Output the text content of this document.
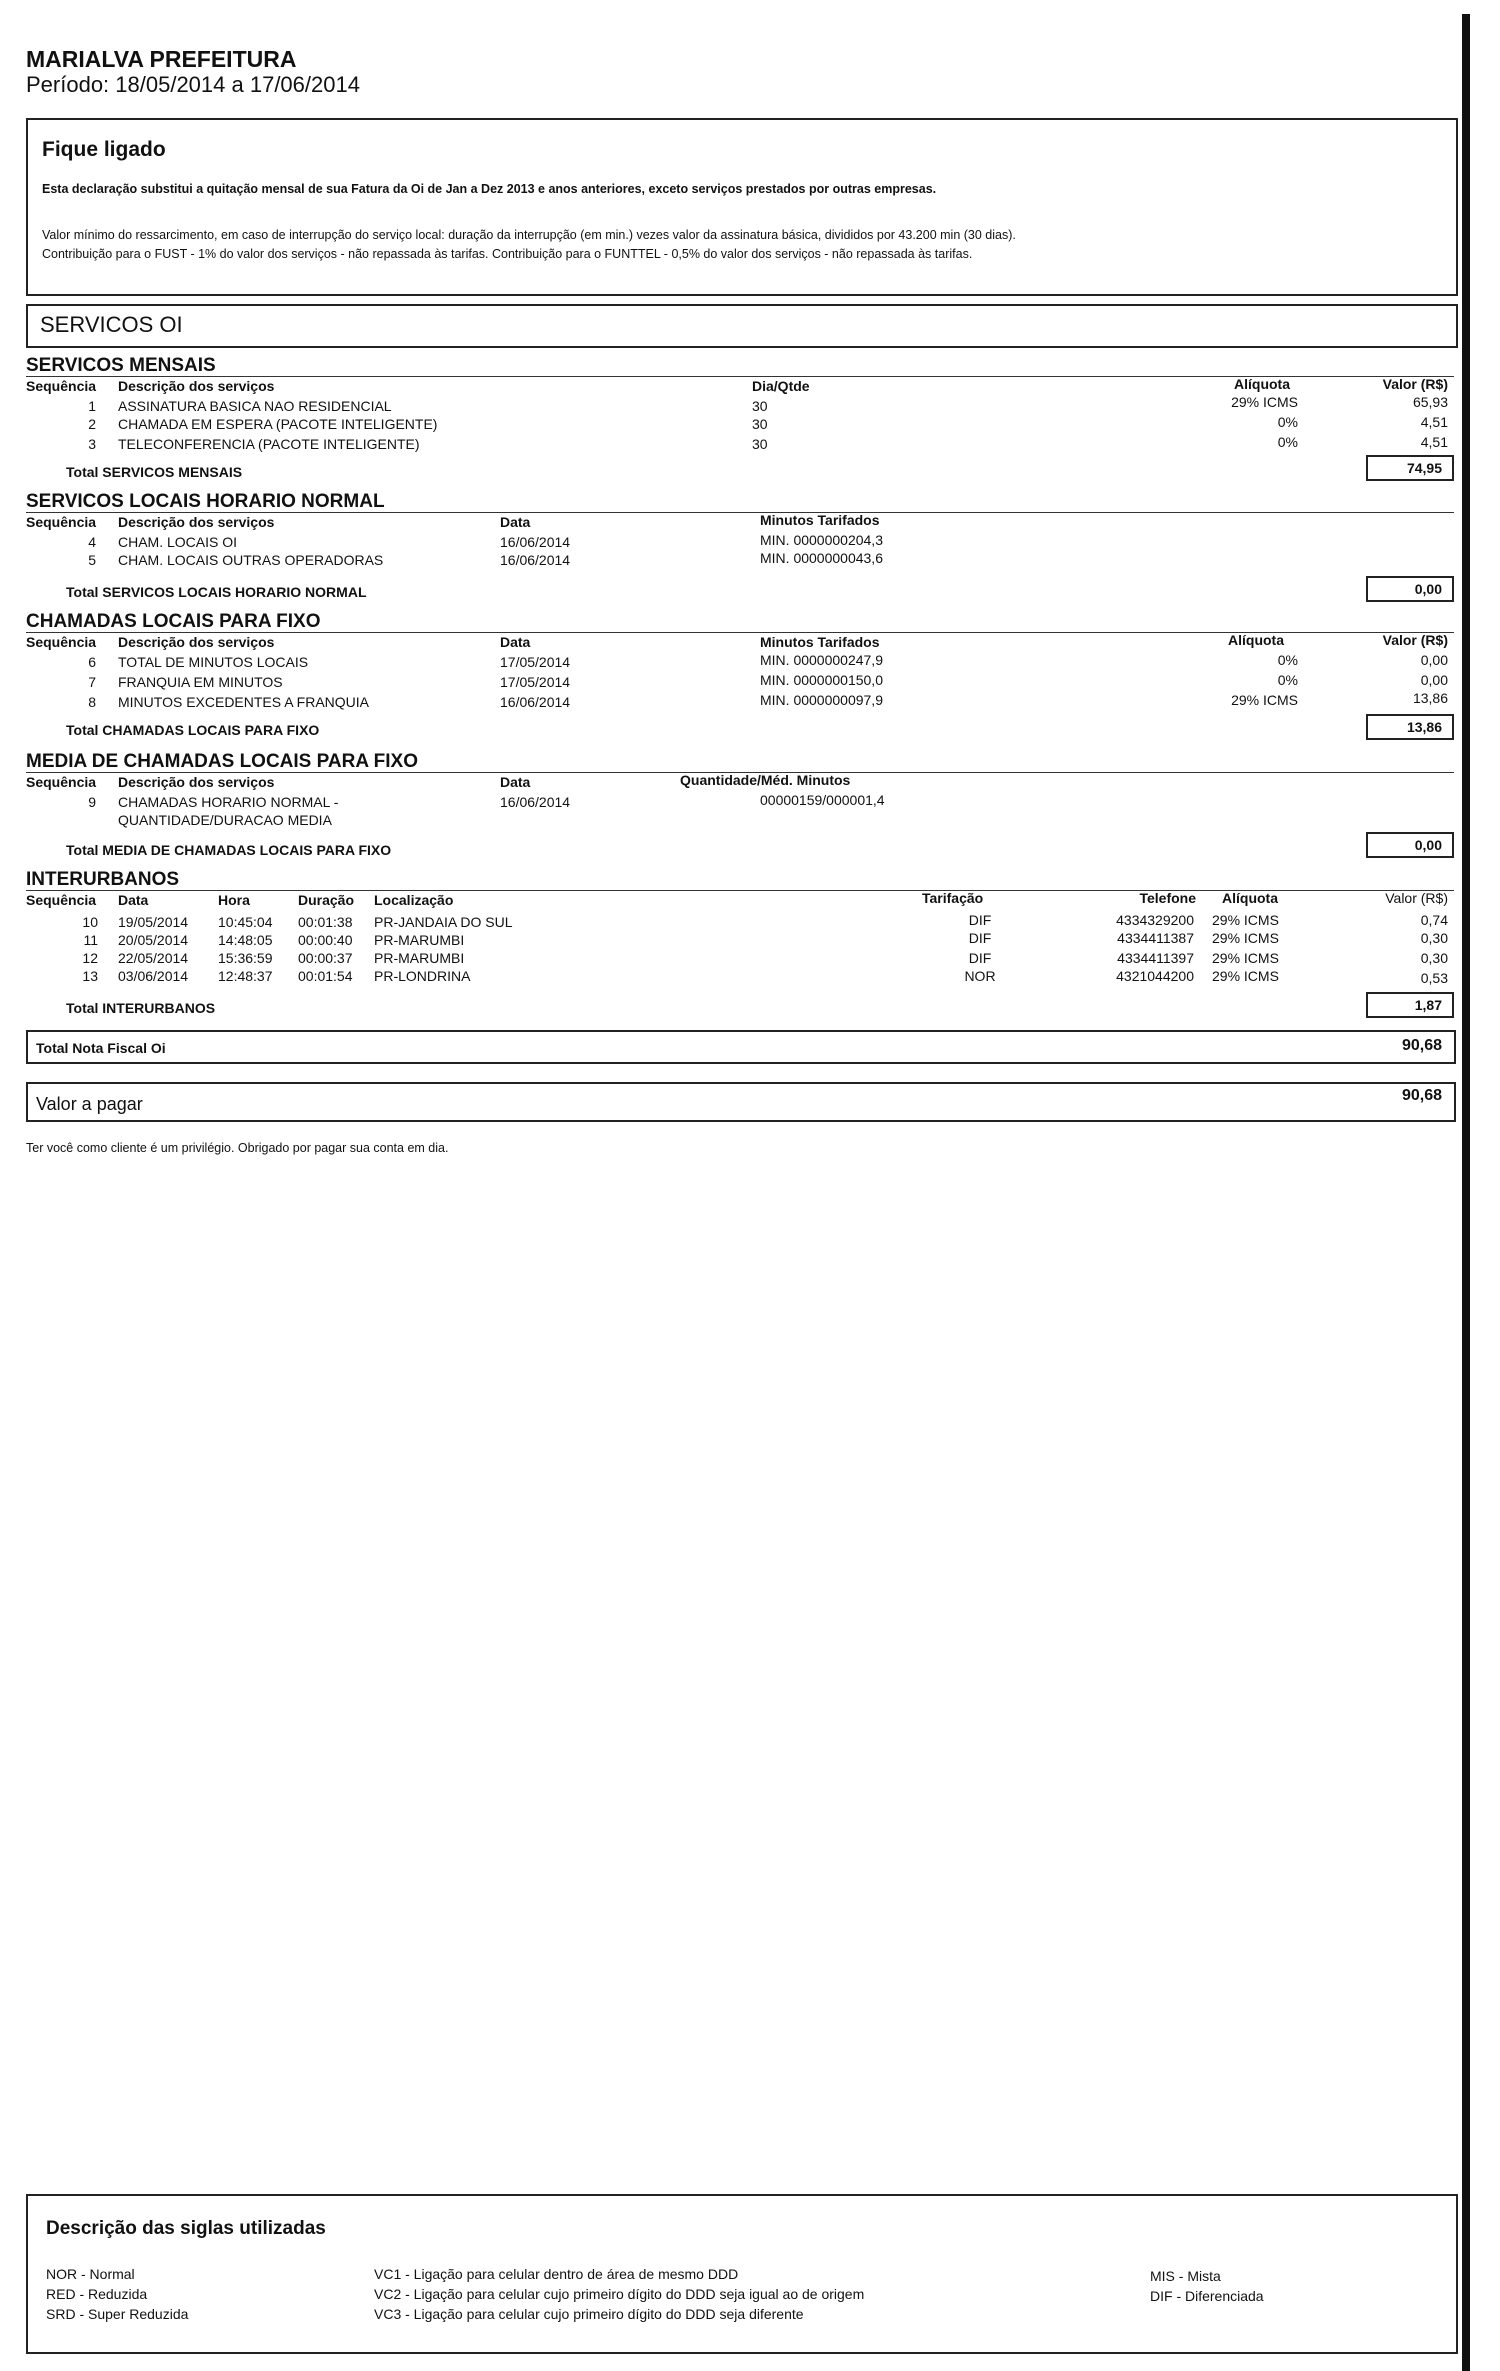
MARIALVA PREFEITURA
Período: 18/05/2014 a 17/06/2014
Fique ligado
Esta declaração substitui a quitação mensal de sua Fatura da Oi de Jan a Dez 2013 e anos anteriores, exceto serviços prestados por outras empresas.
Valor mínimo do ressarcimento, em caso de interrupção do serviço local: duração da interrupção (em min.) vezes valor da assinatura básica, divididos por 43.200 min (30 dias).
Contribuição para o FUST - 1% do valor dos serviços - não repassada às tarifas. Contribuição para o FUNTTEL - 0,5% do valor dos serviços - não repassada às tarifas.
SERVICOS OI
SERVICOS MENSAIS
Sequência Descrição dos serviços	Dia/Qtde	Alíquota	Valor (R$)
1 ASSINATURA BASICA NAO RESIDENCIAL	30	29% ICMS	65,93
2 CHAMADA EM ESPERA (PACOTE INTELIGENTE)	30	0%	4,51
3 TELECONFERENCIA (PACOTE INTELIGENTE)	30	0%	4,51
Total SERVICOS MENSAIS	74,95
SERVICOS LOCAIS HORARIO NORMAL
Sequência Descrição dos serviços	Data	Minutos Tarifados
4 CHAM. LOCAIS OI	16/06/2014	MIN. 0000000204,3
5 CHAM. LOCAIS OUTRAS OPERADORAS	16/06/2014	MIN. 0000000043,6
Total SERVICOS LOCAIS HORARIO NORMAL	0,00
CHAMADAS LOCAIS PARA FIXO
Sequência Descrição dos serviços	Data	Minutos Tarifados	Alíquota	Valor (R$)
6 TOTAL DE MINUTOS LOCAIS	17/05/2014	MIN. 0000000247,9	0%	0,00
7 FRANQUIA EM MINUTOS	17/05/2014	MIN. 0000000150,0	0%	0,00
8 MINUTOS EXCEDENTES A FRANQUIA	16/06/2014	MIN. 0000000097,9	29% ICMS	13,86
Total CHAMADAS LOCAIS PARA FIXO	13,86
MEDIA DE CHAMADAS LOCAIS PARA FIXO
Sequência Descrição dos serviços	Data	Quantidade/Méd. Minutos
9 CHAMADAS HORARIO NORMAL -
QUANTIDADE/DURACAO MEDIA
16/06/2014	00000159/000001,4
Total MEDIA DE CHAMADAS LOCAIS PARA FIXO	0,00
INTERURBANOS
Sequência Data	Hora	Duração Localização	Tarifação	Telefone Alíquota	Valor (R$)
10 19/05/2014 10:45:04 00:01:38 PR-JANDAIA DO SUL	DIF	4334329200 29% ICMS	0,74
11 20/05/2014 14:48:05 00:00:40 PR-MARUMBI	DIF	4334411387 29% ICMS	0,30
12 22/05/2014 15:36:59 00:00:37 PR-MARUMBI	DIF	4334411397 29% ICMS	0,30
13 03/06/2014 12:48:37 00:01:54 PR-LONDRINA	NOR	4321044200 29% ICMS	0,53
Total INTERURBANOS	1,87
Total Nota Fiscal Oi	90,68
Valor a pagar	90,68
Ter você como cliente é um privilégio. Obrigado por pagar sua conta em dia.
Descrição das siglas utilizadas
NOR - Normal
RED - Reduzida
SRD - Super Reduzida
VC1 - Ligação para celular dentro de área de mesmo DDD
VC2 - Ligação para celular cujo primeiro dígito do DDD seja igual ao de origem
VC3 - Ligação para celular cujo primeiro dígito do DDD seja diferente
MIS - Mista
DIF - Diferenciada
